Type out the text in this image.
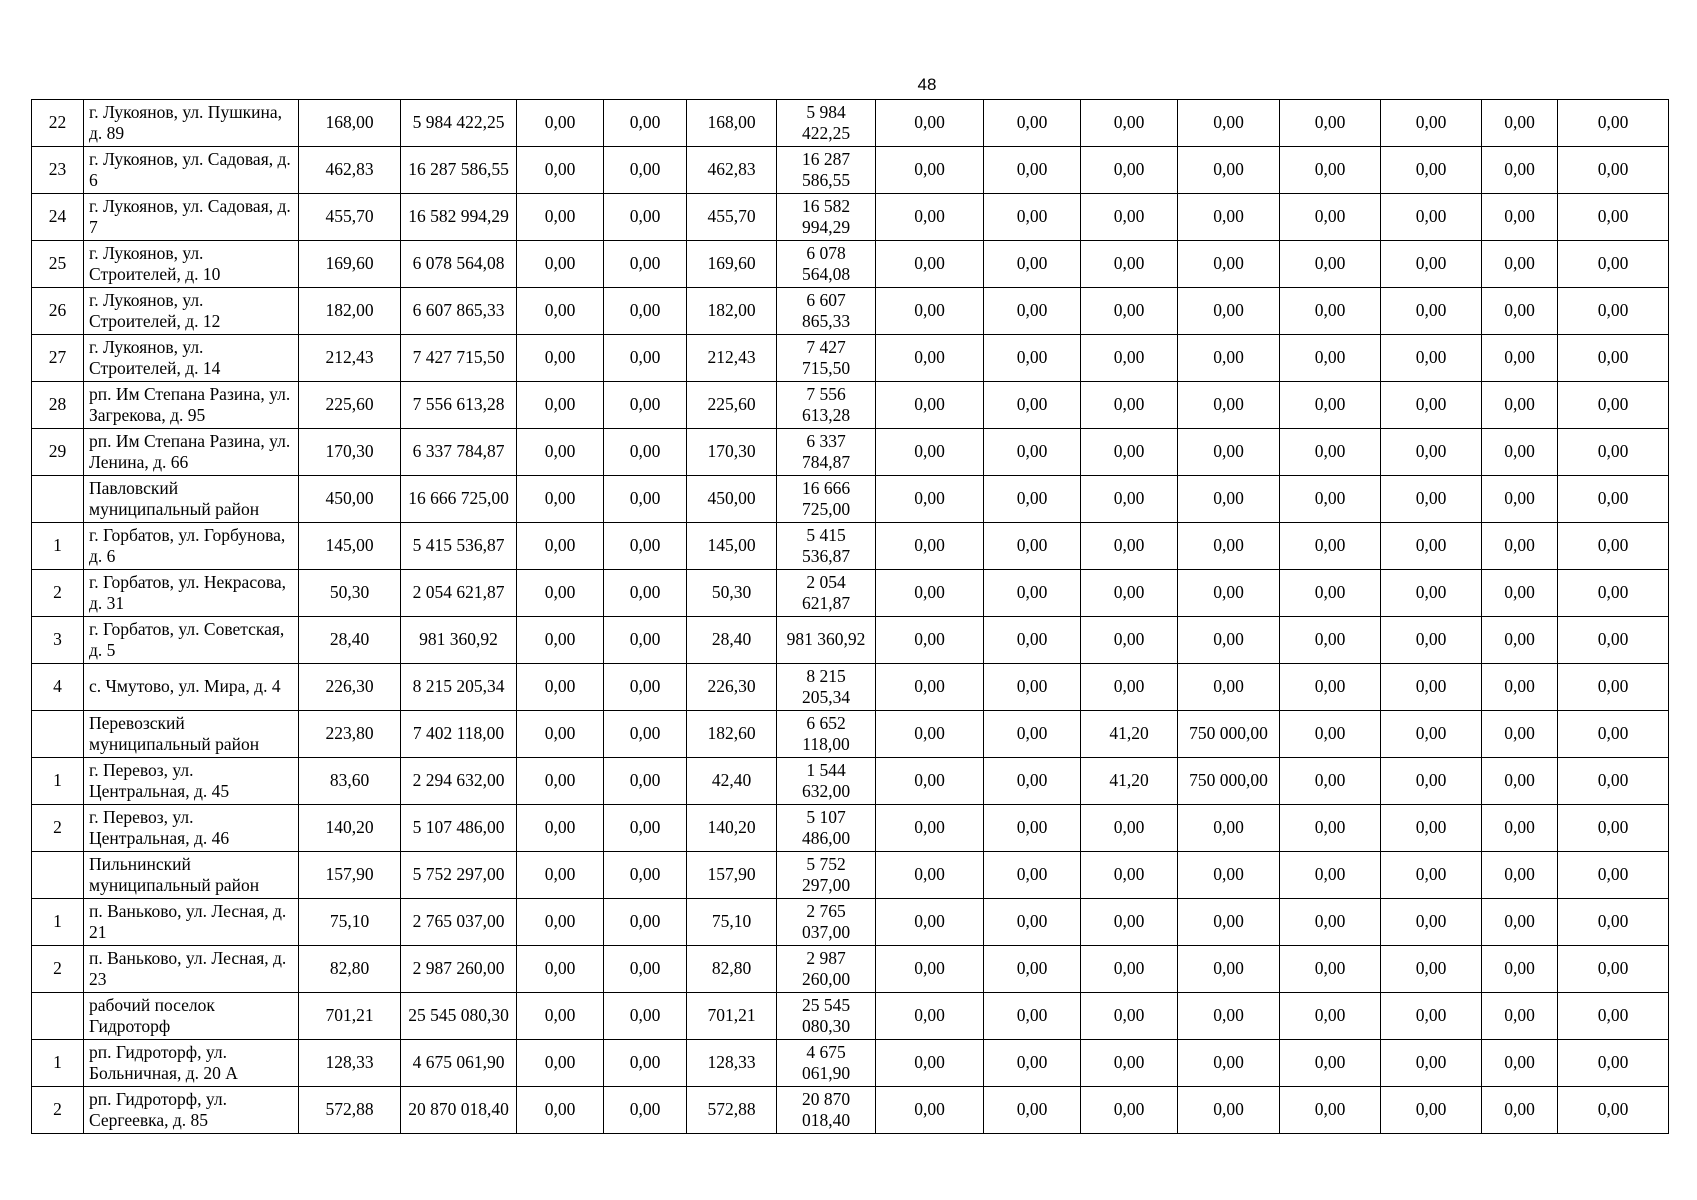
48
22	г. Лукоянов, ул. Пушкина, д. 89	168,00	5 984 422,25	0,00	0,00	168,00	5 984 422,25	0,00	0,00	0,00	0,00	0,00	0,00	0,00	0,00
23	г. Лукоянов, ул. Садовая, д. 6	462,83	16 287 586,55	0,00	0,00	462,83	16 287 586,55	0,00	0,00	0,00	0,00	0,00	0,00	0,00	0,00
24	г. Лукоянов, ул. Садовая, д. 7	455,70	16 582 994,29	0,00	0,00	455,70	16 582 994,29	0,00	0,00	0,00	0,00	0,00	0,00	0,00	0,00
25	г. Лукоянов, ул. Строителей, д. 10	169,60	6 078 564,08	0,00	0,00	169,60	6 078 564,08	0,00	0,00	0,00	0,00	0,00	0,00	0,00	0,00
26	г. Лукоянов, ул. Строителей, д. 12	182,00	6 607 865,33	0,00	0,00	182,00	6 607 865,33	0,00	0,00	0,00	0,00	0,00	0,00	0,00	0,00
27	г. Лукоянов, ул. Строителей, д. 14	212,43	7 427 715,50	0,00	0,00	212,43	7 427 715,50	0,00	0,00	0,00	0,00	0,00	0,00	0,00	0,00
28	рп. Им Степана Разина, ул. Загрекова, д. 95	225,60	7 556 613,28	0,00	0,00	225,60	7 556 613,28	0,00	0,00	0,00	0,00	0,00	0,00	0,00	0,00
29	рп. Им Степана Разина, ул. Ленина, д. 66	170,30	6 337 784,87	0,00	0,00	170,30	6 337 784,87	0,00	0,00	0,00	0,00	0,00	0,00	0,00	0,00
	Павловский муниципальный район	450,00	16 666 725,00	0,00	0,00	450,00	16 666 725,00	0,00	0,00	0,00	0,00	0,00	0,00	0,00	0,00
1	г. Горбатов, ул. Горбунова, д. 6	145,00	5 415 536,87	0,00	0,00	145,00	5 415 536,87	0,00	0,00	0,00	0,00	0,00	0,00	0,00	0,00
2	г. Горбатов, ул. Некрасова, д. 31	50,30	2 054 621,87	0,00	0,00	50,30	2 054 621,87	0,00	0,00	0,00	0,00	0,00	0,00	0,00	0,00
3	г. Горбатов, ул. Советская, д. 5	28,40	981 360,92	0,00	0,00	28,40	981 360,92	0,00	0,00	0,00	0,00	0,00	0,00	0,00	0,00
4	с. Чмутово, ул. Мира, д. 4	226,30	8 215 205,34	0,00	0,00	226,30	8 215 205,34	0,00	0,00	0,00	0,00	0,00	0,00	0,00	0,00
	Перевозский муниципальный район	223,80	7 402 118,00	0,00	0,00	182,60	6 652 118,00	0,00	0,00	41,20	750 000,00	0,00	0,00	0,00	0,00
1	г. Перевоз, ул. Центральная, д. 45	83,60	2 294 632,00	0,00	0,00	42,40	1 544 632,00	0,00	0,00	41,20	750 000,00	0,00	0,00	0,00	0,00
2	г. Перевоз, ул. Центральная, д. 46	140,20	5 107 486,00	0,00	0,00	140,20	5 107 486,00	0,00	0,00	0,00	0,00	0,00	0,00	0,00	0,00
	Пильнинский муниципальный район	157,90	5 752 297,00	0,00	0,00	157,90	5 752 297,00	0,00	0,00	0,00	0,00	0,00	0,00	0,00	0,00
1	п. Ваньково, ул. Лесная, д. 21	75,10	2 765 037,00	0,00	0,00	75,10	2 765 037,00	0,00	0,00	0,00	0,00	0,00	0,00	0,00	0,00
2	п. Ваньково, ул. Лесная, д. 23	82,80	2 987 260,00	0,00	0,00	82,80	2 987 260,00	0,00	0,00	0,00	0,00	0,00	0,00	0,00	0,00
	рабочий поселок Гидроторф	701,21	25 545 080,30	0,00	0,00	701,21	25 545 080,30	0,00	0,00	0,00	0,00	0,00	0,00	0,00	0,00
1	рп. Гидроторф, ул. Больничная, д. 20 А	128,33	4 675 061,90	0,00	0,00	128,33	4 675 061,90	0,00	0,00	0,00	0,00	0,00	0,00	0,00	0,00
2	рп. Гидроторф, ул. Сергеевка, д. 85	572,88	20 870 018,40	0,00	0,00	572,88	20 870 018,40	0,00	0,00	0,00	0,00	0,00	0,00	0,00	0,00
